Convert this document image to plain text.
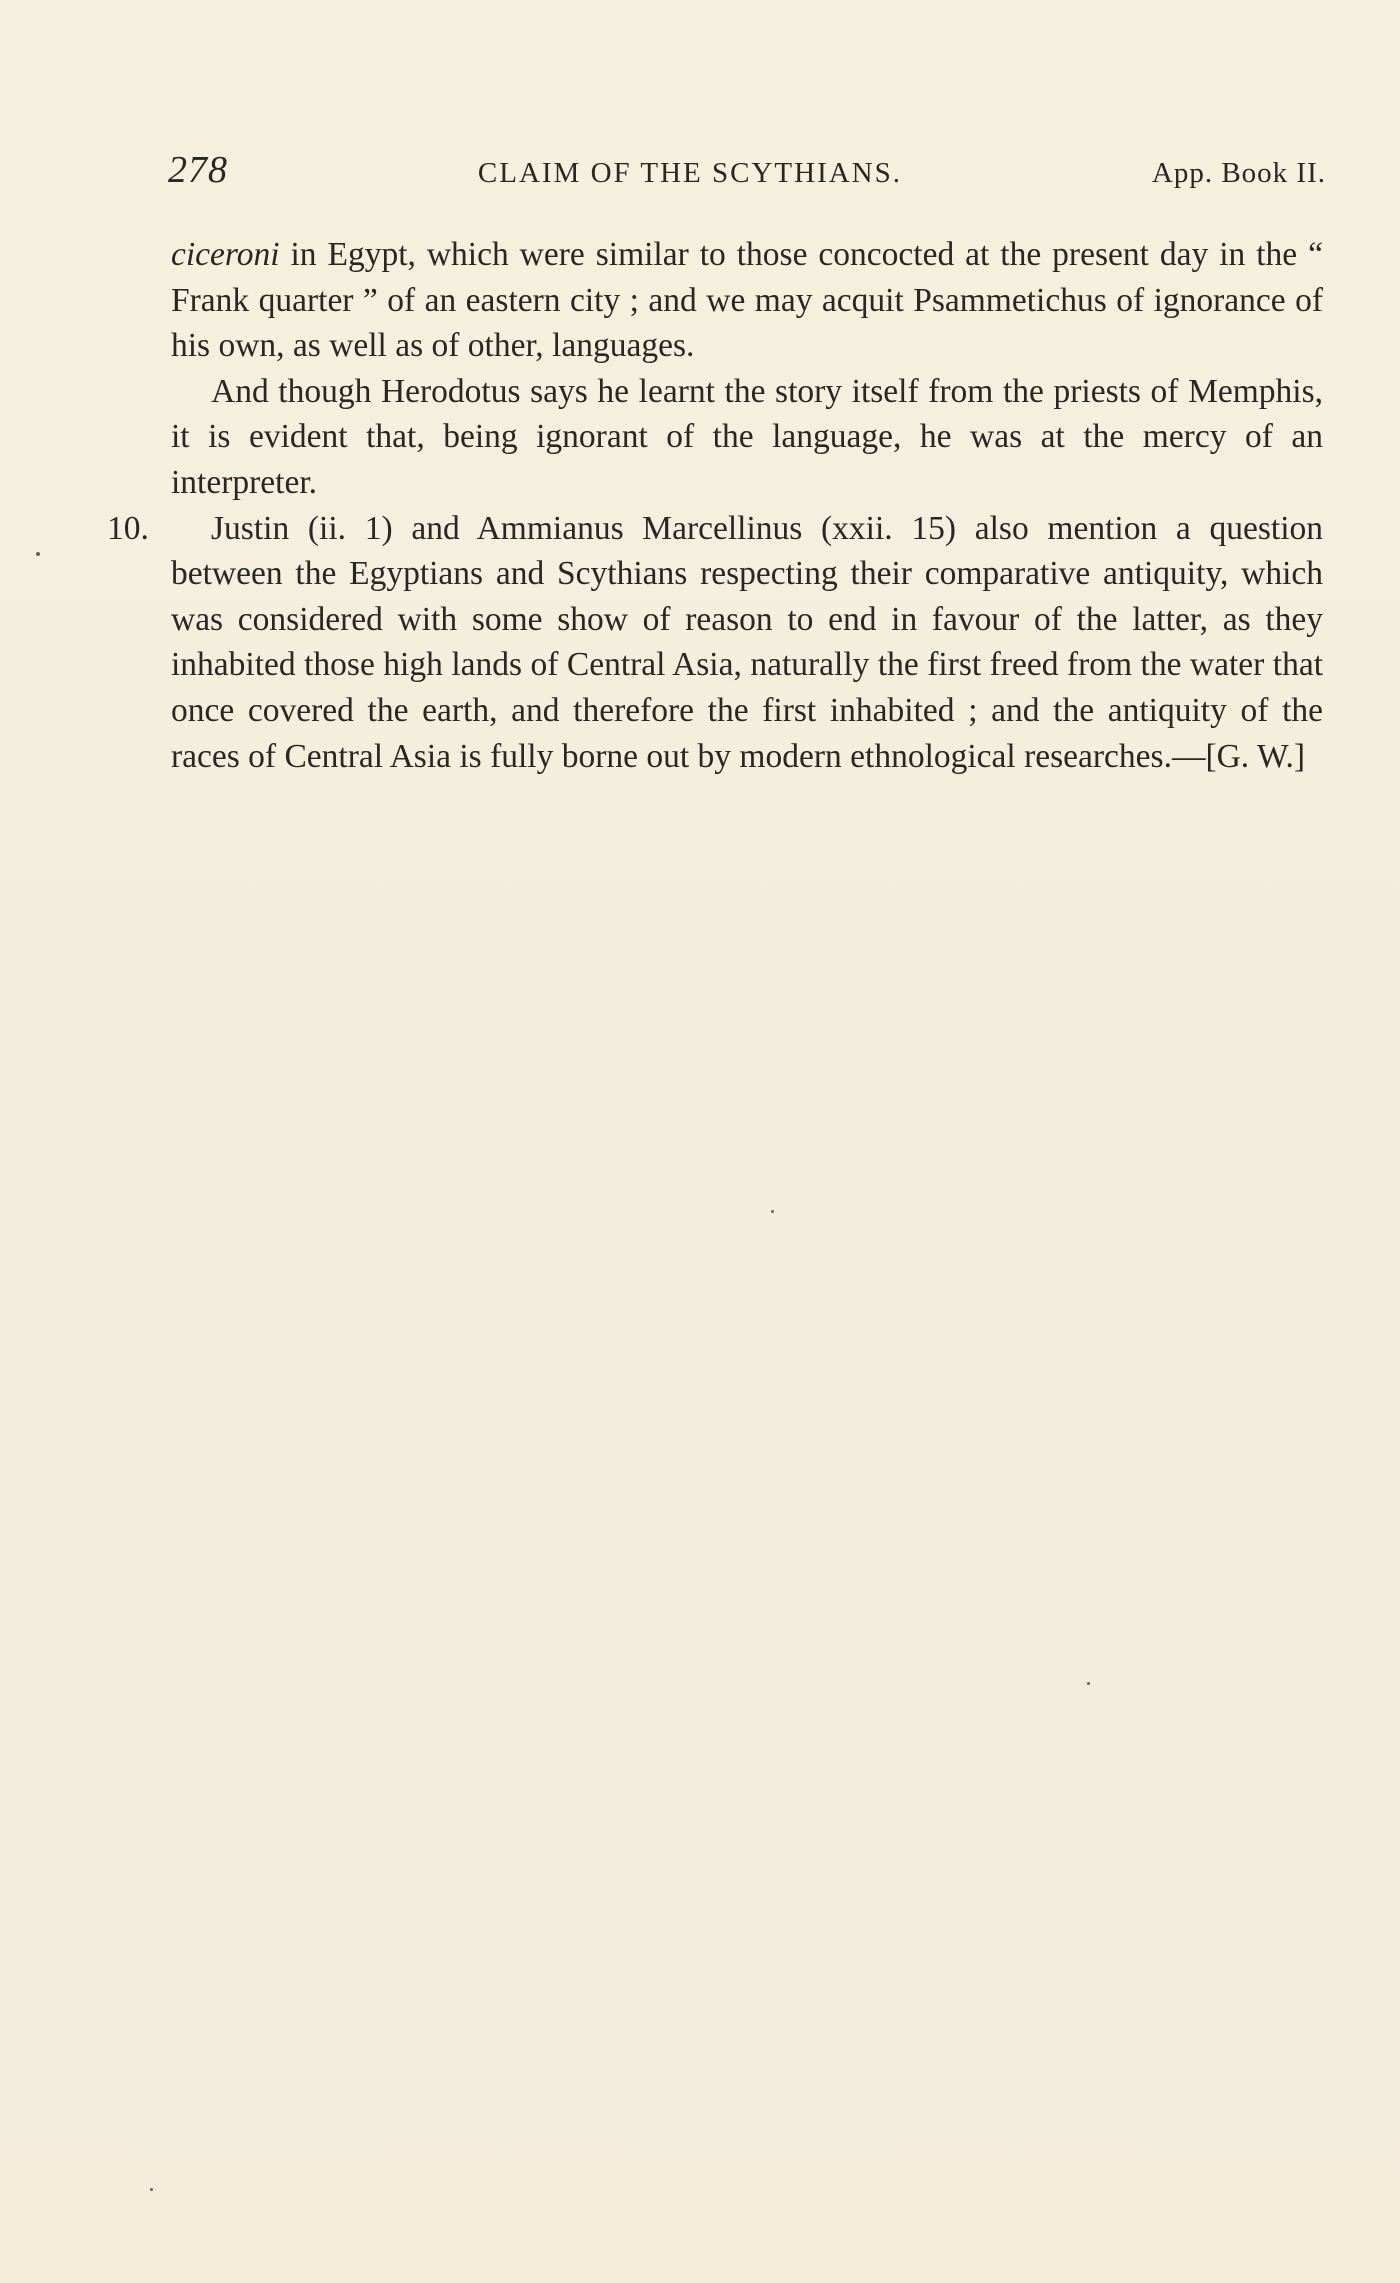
278	CLAIM OF THE SCYTHIANS.	App. Book II.

ciceroni in Egypt, which were similar to those concocted at the present day in the “ Frank quarter ” of an eastern city ; and we may acquit Psammetichus of ignorance of his own, as well as of other, languages.

And though Herodotus says he learnt the story itself from the priests of Memphis, it is evident that, being ignorant of the language, he was at the mercy of an interpreter.

10. Justin (ii. 1) and Ammianus Marcellinus (xxii. 15) also mention a question between the Egyptians and Scythians respecting their comparative antiquity, which was considered with some show of reason to end in favour of the latter, as they inhabited those high lands of Central Asia, naturally the first freed from the water that once covered the earth, and therefore the first inhabited ; and the antiquity of the races of Central Asia is fully borne out by modern ethnological researches.—[G. W.]
